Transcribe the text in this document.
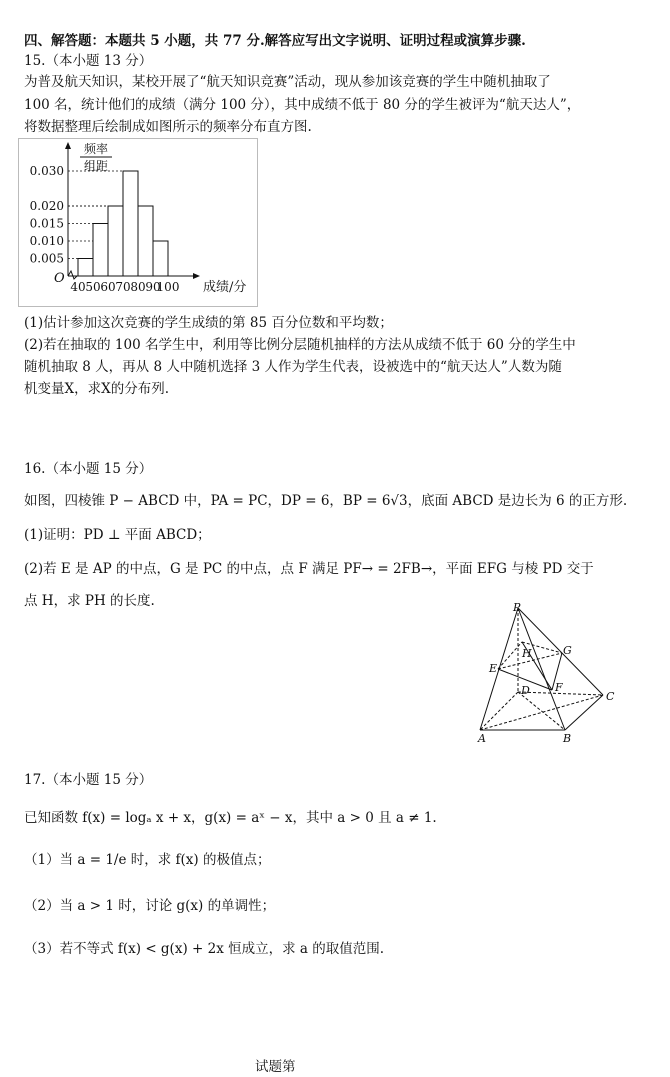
四、解答题：本题共 5 小题，共 77 分.解答应写出文字说明、证明过程或演算步骤.
15.（本小题 13 分）
为普及航天知识，某校开展了“航天知识竞赛”活动，现从参加该竞赛的学生中随机抽取了
100 名，统计他们的成绩（满分 100 分），其中成绩不低于 80 分的学生被评为“航天达人”，
将数据整理后绘制成如图所示的频率分布直方图.
0.005
0.010
0.015
0.020
0.030
40 50 60 70 80 90
100
O
成绩/分
频率
组距
(1)估计参加这次竞赛的学生成绩的第 85 百分位数和平均数；
(2)若在抽取的 100 名学生中，利用等比例分层随机抽样的方法从成绩不低于 60 分的学生中
随机抽取 8 人，再从 8 人中随机选择 3 人作为学生代表，设被选中的“航天达人”人数为随
机变量X，求X的分布列.
16.（本小题 15 分）
如图，四棱锥 P − ABCD 中，PA = PC，DP = 6，BP = 6√3，底面 ABCD 是边长为 6 的正方形.
(1)证明：PD ⊥ 平面 ABCD；
(2)若 E 是 AP 的中点，G 是 PC 的中点，点 F 满足 PF→ = 2FB→，平面 EFG 与棱 PD 交于
点 H，求 PH 的长度.	P
H	G
E
D F
C
A	B
17.（本小题 15 分）
已知函数 f(x) = logₐ x + x，g(x) = aˣ − x，其中 a > 0 且 a ≠ 1.
（1）当 a = 1/e 时，求 f(x) 的极值点；
（2）当 a > 1 时，讨论 g(x) 的单调性；
（3）若不等式 f(x) < g(x) + 2x 恒成立，求 a 的取值范围.
试题第
